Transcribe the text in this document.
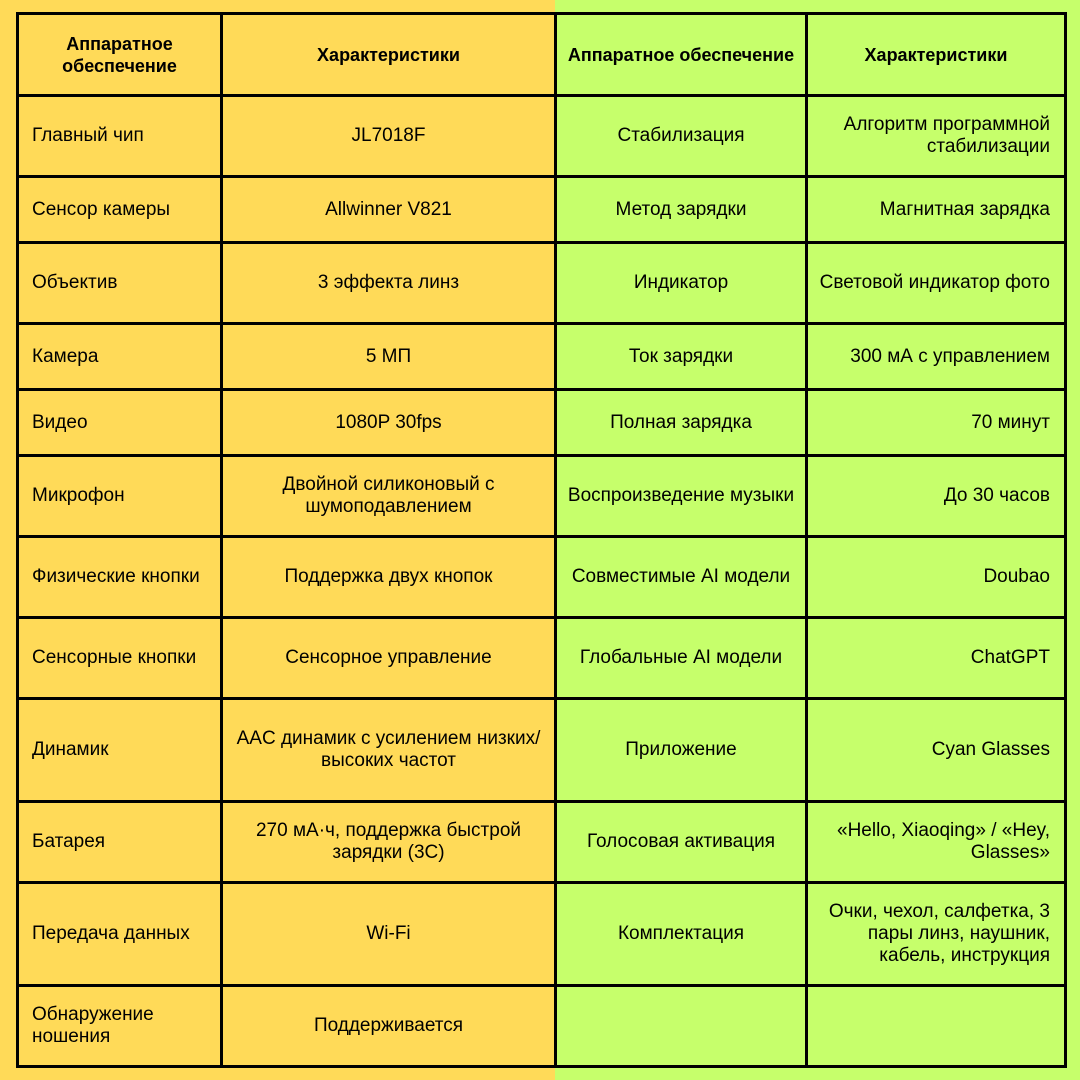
Аппаратное обеспечение	Характеристики	Аппаратное обеспечение	Характеристики
Главный чип	JL7018F	Стабилизация	Алгоритм программной стабилизации
Сенсор камеры	Allwinner V821	Метод зарядки	Магнитная зарядка
Объектив	3 эффекта линз	Индикатор	Световой индикатор фото
Камера	5 МП	Ток зарядки	300 мА с управлением
Видео	1080P 30fps	Полная зарядка	70 минут
Микрофон	Двойной силиконовый с шумоподавлением	Воспроизведение музыки	До 30 часов
Физические кнопки	Поддержка двух кнопок	Совместимые AI модели	Doubao
Сенсорные кнопки	Сенсорное управление	Глобальные AI модели	ChatGPT
Динамик	AAC динамик с усилением низких/высоких частот	Приложение	Cyan Glasses
Батарея	270 мА·ч, поддержка быстрой зарядки (3C)	Голосовая активация	«Hello, Xiaoqing» / «Hey, Glasses»
Передача данных	Wi-Fi	Комплектация	Очки, чехол, салфетка, 3 пары линз, наушник, кабель, инструкция
Обнаружение ношения	Поддерживается		
